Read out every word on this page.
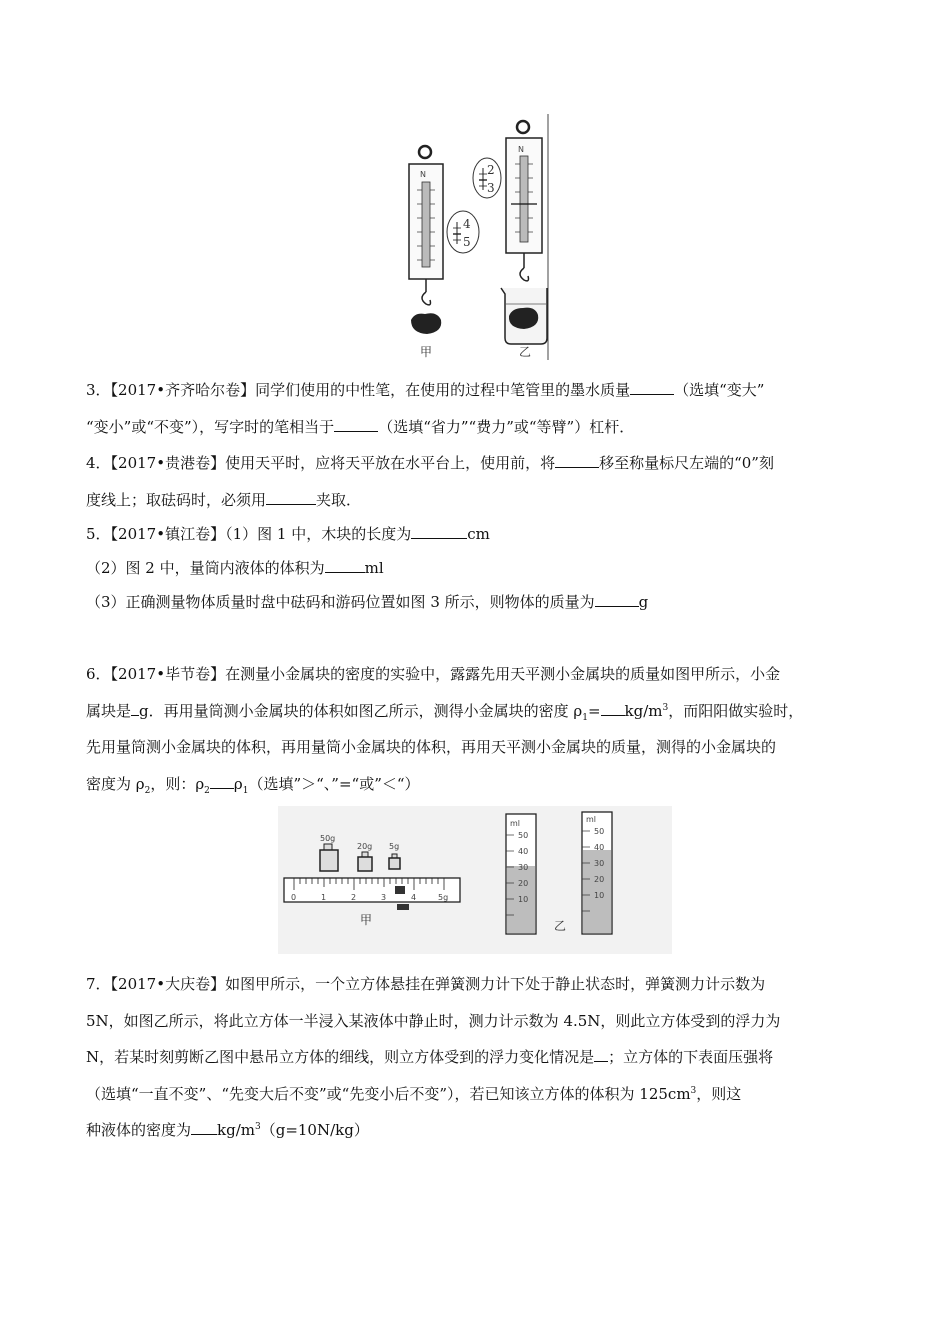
N
4
5
甲
N
2
3
乙
3．【2017•齐齐哈尔卷】同学们使用的中性笔，在使用的过程中笔管里的墨水质量	（选填“变大”
“变小”或“不变”），写字时的笔相当于	（选填“省力”“费力”或“等臂”）杠杆．
4．【2017•贵港卷】使用天平时，应将天平放在水平台上，使用前，将	移至称量标尺左端的“0”刻
度线上；取砝码时，必须用	夹取．
5．【2017•镇江卷】（1）图 1 中，木块的长度为	cm
（2）图 2 中，量筒内液体的体积为	ml
（3）正确测量物体质量时盘中砝码和游码位置如图 3 所示，则物体的质量为	g
6．【2017•毕节卷】在测量小金属块的密度的实验中，露露先用天平测小金属块的质量如图甲所示，小金
属块是 g．再用量筒测小金属块的体积如图乙所示，测得小金属块的密度 $\rho_1= kg/m^3$，而阳阳做实验时，
先用量筒测小金属块的体积，再用量筒小金属块的体积，再用天平测小金属块的质量，测得的小金属块的
密度为 $\rho_2$，则：$\rho_2$ $\rho_1$（选填”＞“、”=“或”＜“）
50g
20g 5g
0	1	2	3	4	5g
甲
ml
50
40
30
20
10
ml
50
40
30
20
10
乙
7．【2017•大庆卷】如图甲所示，一个立方体悬挂在弹簧测力计下处于静止状态时，弹簧测力计示数为
5N，如图乙所示，将此立方体一半浸入某液体中静止时，测力计示数为 4.5N，则此立方体受到的浮力为
N，若某时刻剪断乙图中悬吊立方体的细线，则立方体受到的浮力变化情况是 ；立方体的下表面压强将
（选填“一直不变”、“先变大后不变”或“先变小后不变”），若已知该立方体的体积为 $125cm^3$，则这
种液体的密度为 $kg/m^3(g=10N/kg)$
